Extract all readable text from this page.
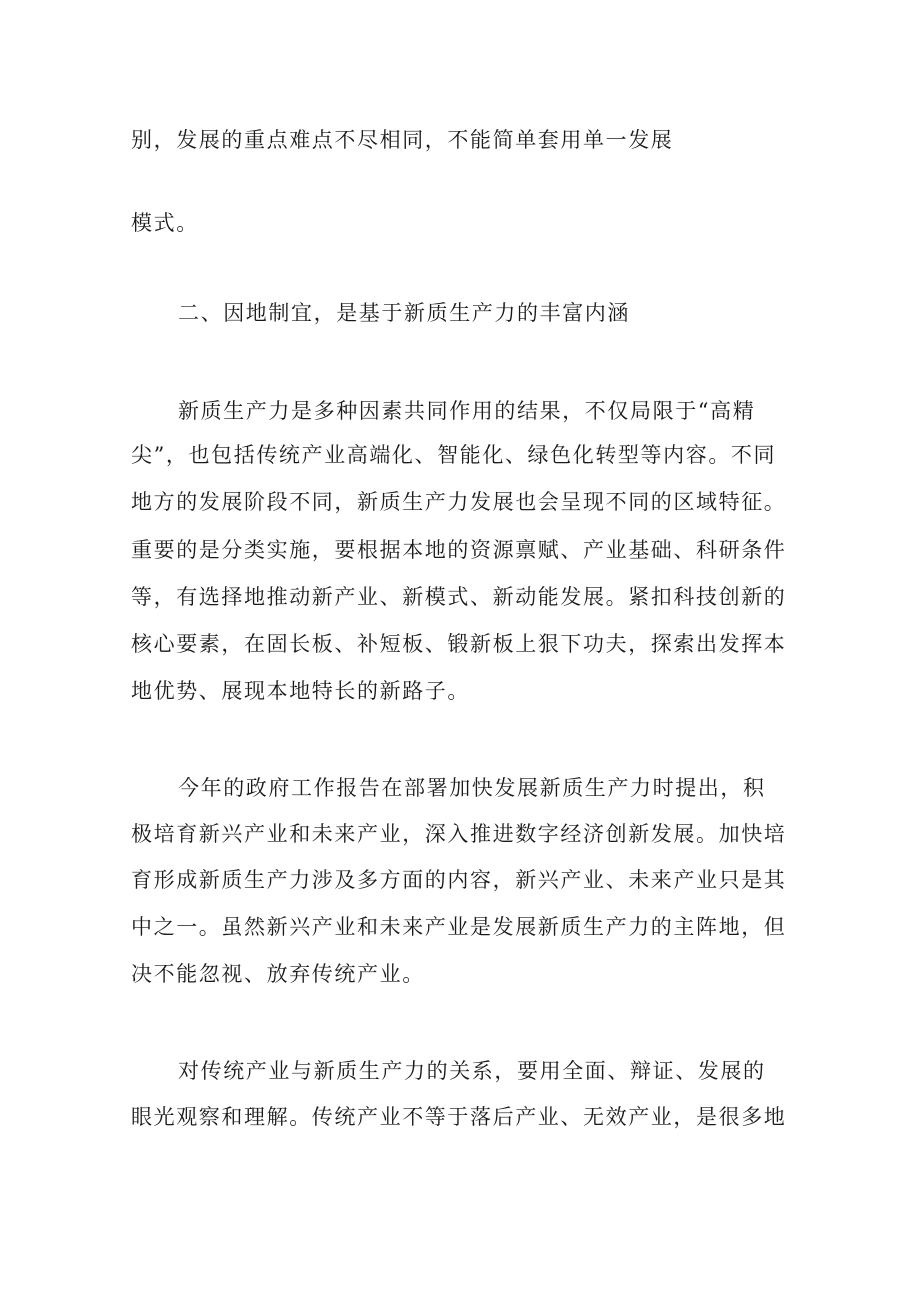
别，发展的重点难点不尽相同，不能简单套用单一发展
模式。
二、因地制宜，是基于新质生产力的丰富内涵
新质生产力是多种因素共同作用的结果，不仅局限于“高精
尖”，也包括传统产业高端化、智能化、绿色化转型等内容。不同
地方的发展阶段不同，新质生产力发展也会呈现不同的区域特征。
重要的是分类实施，要根据本地的资源禀赋、产业基础、科研条件
等，有选择地推动新产业、新模式、新动能发展。紧扣科技创新的
核心要素，在固长板、补短板、锻新板上狠下功夫，探索出发挥本
地优势、展现本地特长的新路子。
今年的政府工作报告在部署加快发展新质生产力时提出，积
极培育新兴产业和未来产业，深入推进数字经济创新发展。加快培
育形成新质生产力涉及多方面的内容，新兴产业、未来产业只是其
中之一。虽然新兴产业和未来产业是发展新质生产力的主阵地，但
决不能忽视、放弃传统产业。
对传统产业与新质生产力的关系，要用全面、辩证、发展的
眼光观察和理解。传统产业不等于落后产业、无效产业，是很多地
